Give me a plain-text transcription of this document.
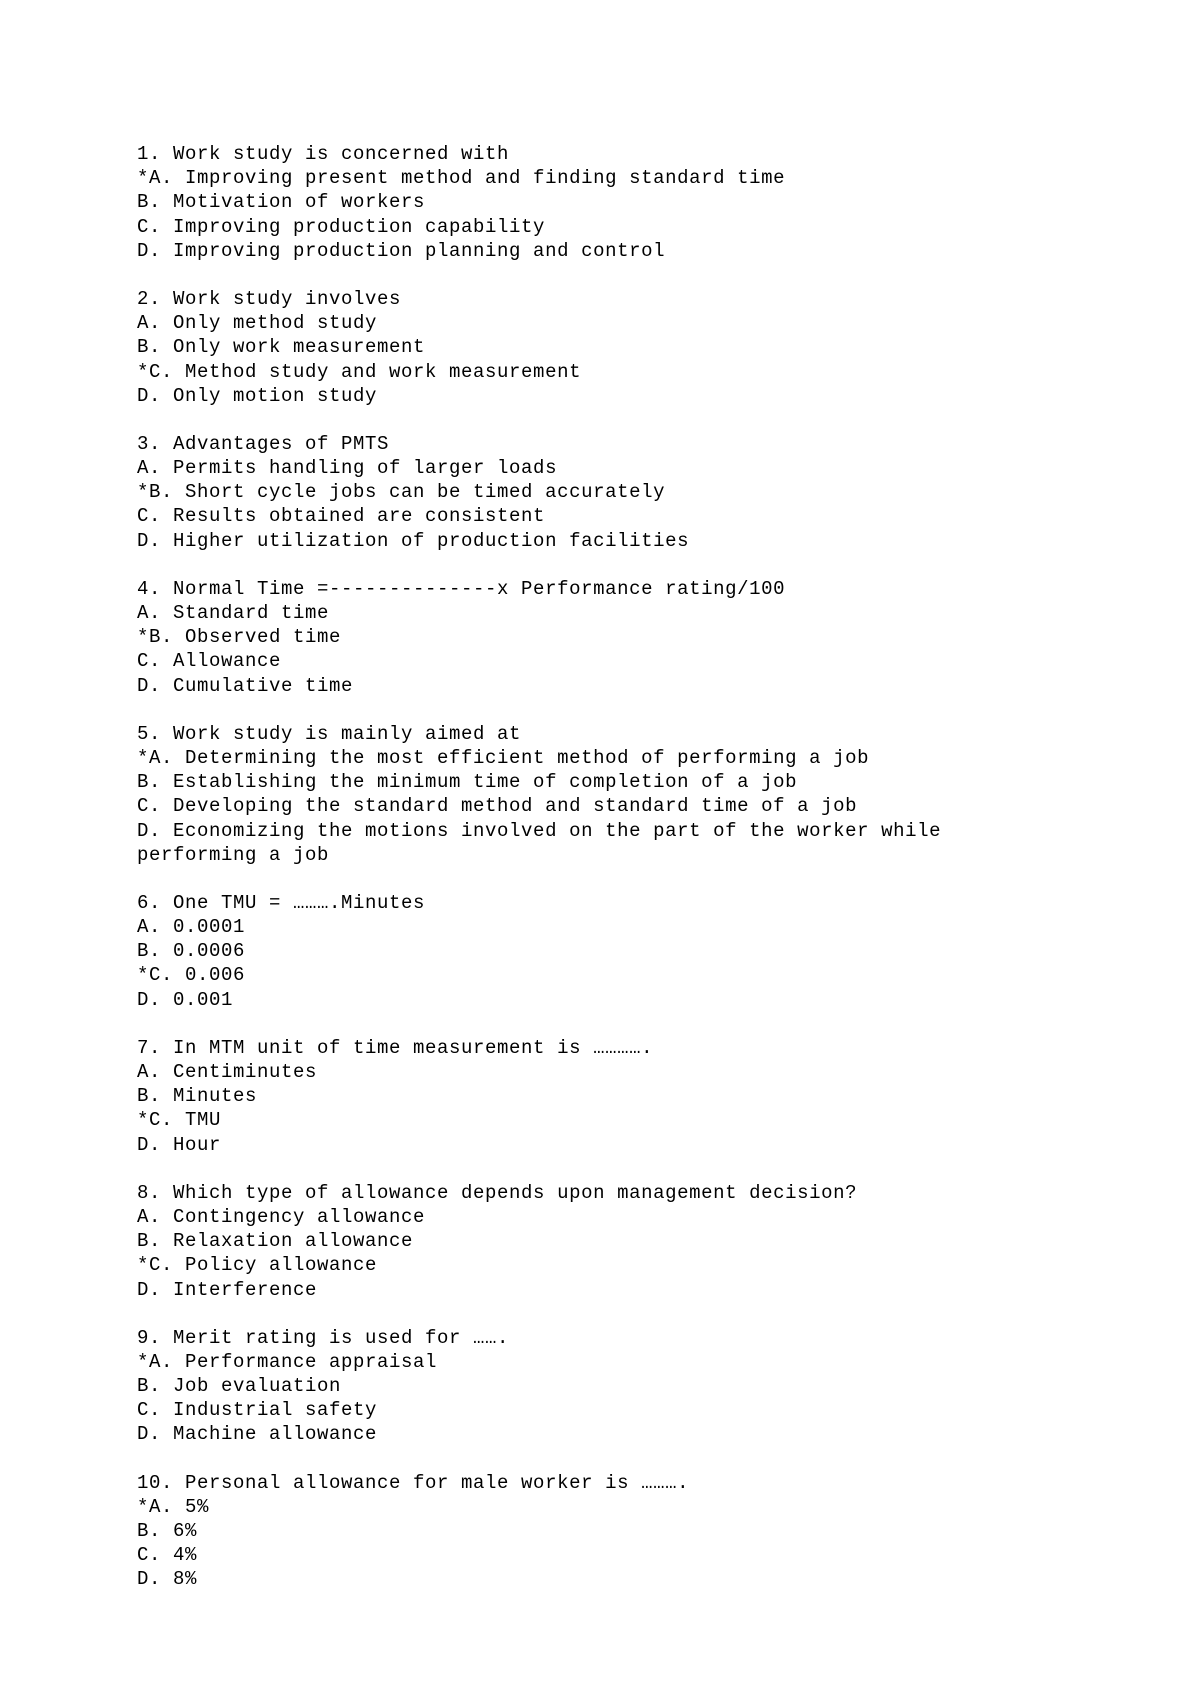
1. Work study is concerned with
*A. Improving present method and finding standard time
B. Motivation of workers
C. Improving production capability
D. Improving production planning and control
2. Work study involves
A. Only method study
B. Only work measurement
*C. Method study and work measurement
D. Only motion study
3. Advantages of PMTS
A. Permits handling of larger loads
*B. Short cycle jobs can be timed accurately
C. Results obtained are consistent
D. Higher utilization of production facilities
4. Normal Time =--------------x Performance rating/100
A. Standard time
*B. Observed time
C. Allowance
D. Cumulative time
5. Work study is mainly aimed at
*A. Determining the most efficient method of performing a job
B. Establishing the minimum time of completion of a job
C. Developing the standard method and standard time of a job
D. Economizing the motions involved on the part of the worker while performing a job
6. One TMU = ……….Minutes
A. 0.0001
B. 0.0006
*C. 0.006
D. 0.001
7. In MTM unit of time measurement is ………….
A. Centiminutes
B. Minutes
*C. TMU
D. Hour
8. Which type of allowance depends upon management decision?
A. Contingency allowance
B. Relaxation allowance
*C. Policy allowance
D. Interference
9. Merit rating is used for …….
*A. Performance appraisal
B. Job evaluation
C. Industrial safety
D. Machine allowance
10. Personal allowance for male worker is ……….
*A. 5%
B. 6%
C. 4%
D. 8%
